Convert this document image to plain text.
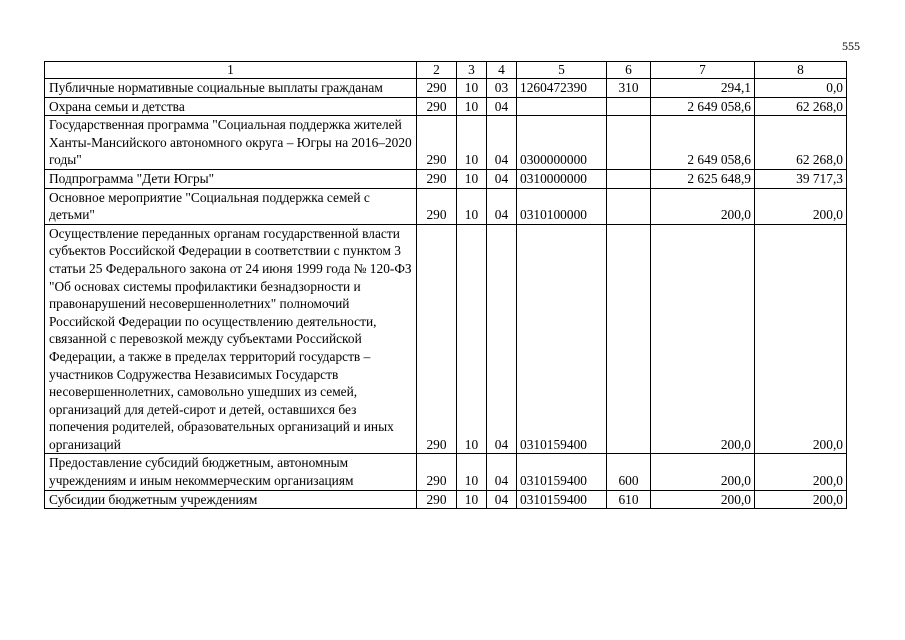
555
1	2	3	4	5	6	7	8
Публичные нормативные социальные выплаты гражданам	290	10	03	1260472390	310	294,1	0,0
Охрана семьи и детства	290	10	04			2 649 058,6	62 268,0
Государственная программа "Социальная поддержка жителей Ханты-Мансийского автономного округа – Югры на 2016–2020 годы"	290	10	04	0300000000		2 649 058,6	62 268,0
Подпрограмма "Дети Югры"	290	10	04	0310000000		2 625 648,9	39 717,3
Основное мероприятие "Социальная поддержка семей с детьми"	290	10	04	0310100000		200,0	200,0
Осуществление переданных органам государственной власти субъектов Российской Федерации в соответствии с пунктом 3 статьи 25 Федерального закона от 24 июня 1999 года № 120-ФЗ "Об основах системы профилактики безнадзорности и правонарушений несовершеннолетних" полномочий Российской Федерации по осуществлению деятельности, связанной с перевозкой между субъектами Российской Федерации, а также в пределах территорий государств – участников Содружества Независимых Государств несовершеннолетних, самовольно ушедших из семей, организаций для детей-сирот и детей, оставшихся без попечения родителей, образовательных организаций и иных организаций	290	10	04	0310159400		200,0	200,0
Предоставление субсидий бюджетным, автономным учреждениям и иным некоммерческим организациям	290	10	04	0310159400	600	200,0	200,0
Субсидии бюджетным учреждениям	290	10	04	0310159400	610	200,0	200,0
